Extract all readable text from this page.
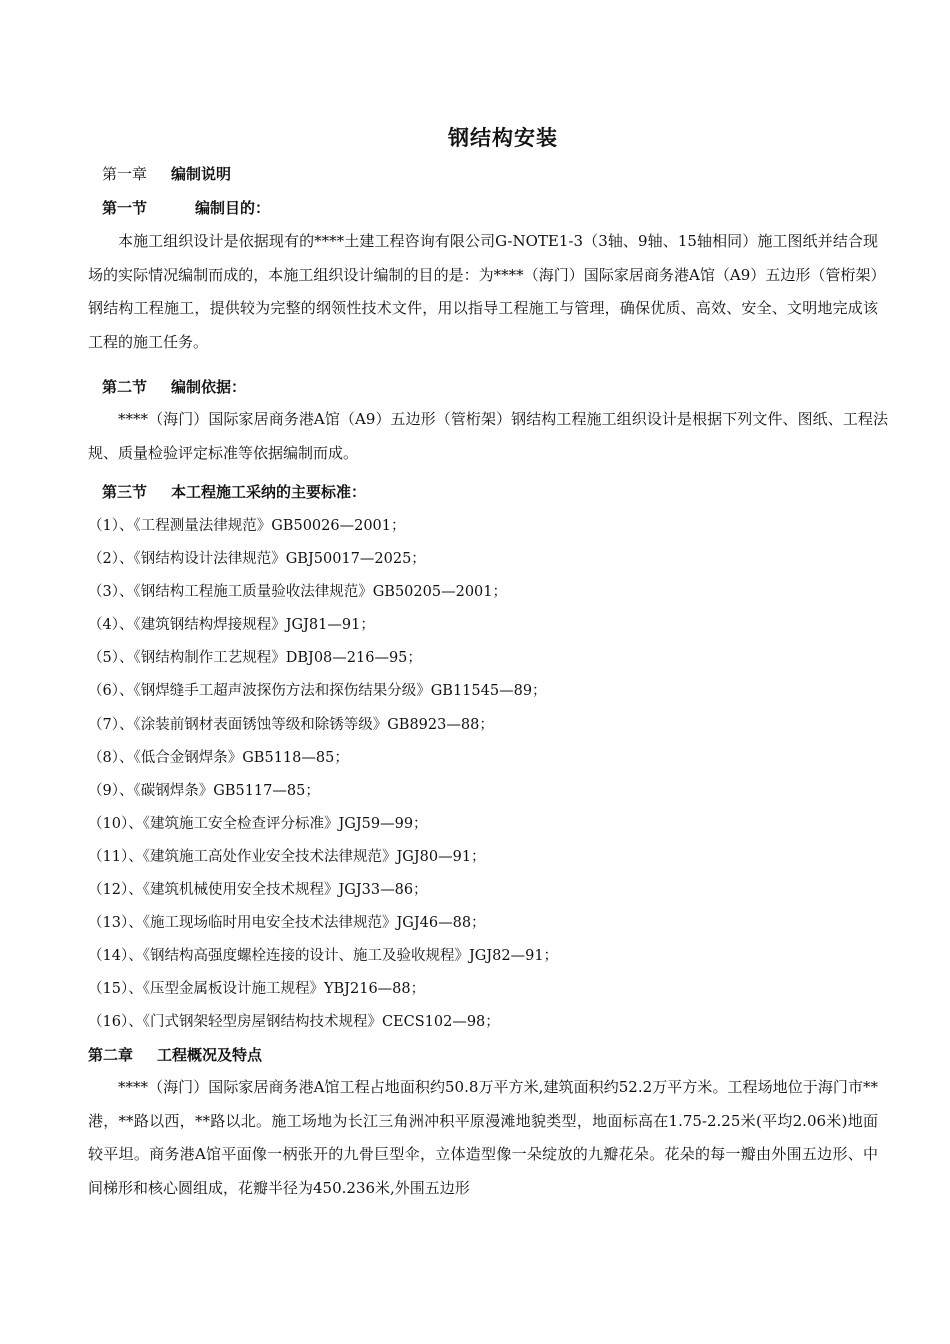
钢结构安装
第一章 编制说明
第一节	编制目的：

本施工组织设计是依据现有的****土建工程咨询有限公司G-NOTE1-3（3轴、9轴、15轴相同）施工图纸并结合现场的实际情况编制而成的，本施工组织设计编制的目的是：为****（海门）国际家居商务港A馆（A9）五边形（管桁架）钢结构工程施工，提供较为完整的纲领性技术文件，用以指导工程施工与管理，确保优质、高效、安全、文明地完成该工程的施工任务。

第二节 编制依据：

****（海门）国际家居商务港A馆（A9）五边形（管桁架）钢结构工程施工组织设计是根据下列文件、图纸、工程法规、质量检验评定标准等依据编制而成。

第三节 本工程施工采纳的主要标准：
（1）、《工程测量法律规范》GB50026—2001；
（2）、《钢结构设计法律规范》GBJ50017—2025；
（3）、《钢结构工程施工质量验收法律规范》GB50205—2001；
（4）、《建筑钢结构焊接规程》JGJ81—91；
（5）、《钢结构制作工艺规程》DBJ08—216—95；
（6）、《钢焊缝手工超声波探伤方法和探伤结果分级》GB11545—89；
（7）、《涂装前钢材表面锈蚀等级和除锈等级》GB8923—88；
（8）、《低合金钢焊条》GB5118—85；
（9）、《碳钢焊条》GB5117—85；
（10）、《建筑施工安全检查评分标准》JGJ59—99；
（11）、《建筑施工高处作业安全技术法律规范》JGJ80—91；
（12）、《建筑机械使用安全技术规程》JGJ33—86；
（13）、《施工现场临时用电安全技术法律规范》JGJ46—88；
（14）、《钢结构高强度螺栓连接的设计、施工及验收规程》JGJ82—91；
（15）、《压型金属板设计施工规程》YBJ216—88；
（16）、《门式钢架轻型房屋钢结构技术规程》CECS102—98；
第二章 工程概况及特点

****（海门）国际家居商务港A馆工程占地面积约50.8万平方米,建筑面积约52.2万平方米。工程场地位于海门市**港，**路以西，**路以北。施工场地为长江三角洲冲积平原漫滩地貌类型，地面标高在1.75-2.25米(平均2.06米)地面较平坦。商务港A馆平面像一柄张开的九骨巨型伞，立体造型像一朵绽放的九瓣花朵。花朵的每一瓣由外围五边形、中间梯形和核心圆组成，花瓣半径为450.236米,外围五边形
